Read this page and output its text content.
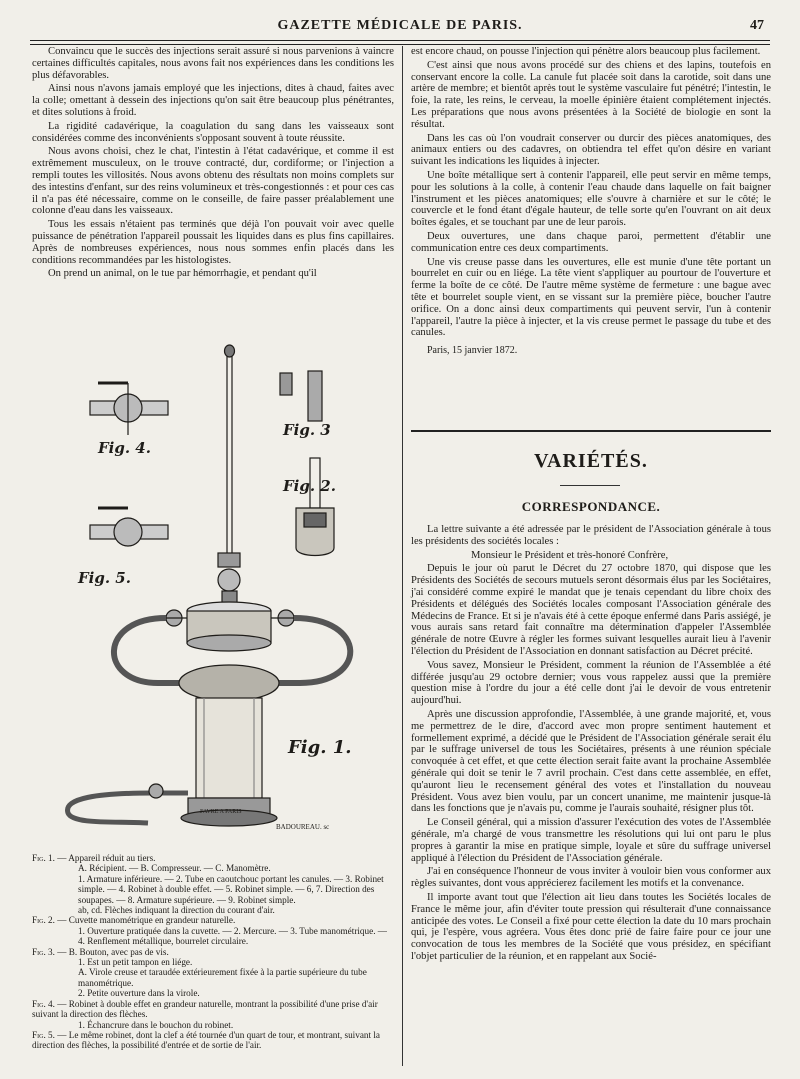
GAZETTE MÉDICALE DE PARIS.	47

Convaincu que le succès des injections serait assuré si nous parvenions à vaincre certaines difficultés capitales, nous avons fait nos expériences dans les conditions les plus défavorables.

Ainsi nous n'avons jamais employé que les injections, dites à chaud, faites avec la colle; omettant à dessein des injections qu'on sait être beaucoup plus pénétrantes, et dites solutions à froid.

La rigidité cadavérique, la coagulation du sang dans les vaisseaux sont considérées comme des inconvénients s'opposant souvent à toute réussite.

Nous avons choisi, chez le chat, l'intestin à l'état cadavérique, et comme il est extrêmement musculeux, on le trouve contracté, dur, cordiforme; or l'injection a rempli toutes les villosités. Nous avons obtenu des résultats non moins complets sur des intestins d'enfant, sur des reins volumineux et très-congestionnés : et pour ces cas il n'a pas été nécessaire, comme on le conseille, de faire passer préalablement une colonne d'eau dans les vaisseaux.

Tous les essais n'étaient pas terminés que déjà l'on pouvait voir avec quelle puissance de pénétration l'appareil poussait les liquides dans es plus fins capillaires. Après de nombreuses expériences, nous nous sommes enfin placés dans les conditions recommandées par les histologistes.

On prend un animal, on le tue par hémorrhagie, et pendant qu'il

Fig. 4.
Fig. 5.
Fig. 3
Fig. 2.
Fig. 1.
FAVRE A PARIS
BADOUREAU. sc
Fig. 1. — Appareil réduit au tiers.
A. Récipient. — B. Compresseur. — C. Manomètre.
1. Armature inférieure. — 2. Tube en caoutchouc portant les canules. — 3. Robinet simple. — 4. Robinet à double effet. — 5. Robinet simple. — 6, 7. Direction des soupapes. — 8. Armature supérieure. — 9. Robinet simple.
ab, cd. Flèches indiquant la direction du courant d'air.
Fig. 2. — Cuvette manométrique en grandeur naturelle.
1. Ouverture pratiquée dans la cuvette. — 2. Mercure. — 3. Tube manométrique. — 4. Renflement métallique, bourrelet circulaire.
Fig. 3. — B. Bouton, avec pas de vis.
1. Est un petit tampon en liége.
A. Virole creuse et taraudée extérieurement fixée à la partie supérieure du tube manométrique.
2. Petite ouverture dans la virole.
Fig. 4. — Robinet à double effet en grandeur naturelle, montrant la possibilité d'une prise d'air suivant la direction des flèches.
1. Échancrure dans le bouchon du robinet.
Fig. 5. — Le même robinet, dont la clef a été tournée d'un quart de tour, et montrant, suivant la direction des flèches, la possibilité d'entrée et de sortie de l'air.

est encore chaud, on pousse l'injection qui pénètre alors beaucoup plus facilement.

C'est ainsi que nous avons procédé sur des chiens et des lapins, toutefois en conservant encore la colle. La canule fut placée soit dans la carotide, soit dans une artère de membre; et bientôt après tout le système vasculaire fut pénétré; l'intestin, le foie, la rate, les reins, le cerveau, la moelle épinière étaient complétement injectés. Les préparations que nous avons présentées à la Société de biologie en sont la résultat.

Dans les cas où l'on voudrait conserver ou durcir des pièces anatomiques, des animaux entiers ou des cadavres, on obtiendra tel effet qu'on désire en variant suivant les indications les liquides à injecter.

Une boîte métallique sert à contenir l'appareil, elle peut servir en même temps, pour les solutions à la colle, à contenir l'eau chaude dans laquelle on fait baigner l'instrument et les pièces anatomiques; elle s'ouvre à charnière et sur le côté; le couvercle et le fond étant d'égale hauteur, de telle sorte qu'en l'ouvrant on ait deux boîtes égales, et se touchant par une de leur parois.

Deux ouvertures, une dans chaque paroi, permettent d'établir une communication entre ces deux compartiments.

Une vis creuse passe dans les ouvertures, elle est munie d'une tête portant un bourrelet en cuir ou en liége. La tête vient s'appliquer au pourtour de l'ouverture et ferme la boîte de ce côté. De l'autre même système de fermeture : une bague avec tête et bourrelet souple vient, en se vissant sur la première pièce, boucher l'autre orifice. On a donc ainsi deux compartiments qui peuvent servir, l'un à contenir l'appareil, l'autre la pièce à injecter, et la vis creuse permet le passage du tube et des canules.

Paris, 15 janvier 1872.

VARIÉTÉS.
CORRESPONDANCE.

La lettre suivante a été adressée par le président de l'Association générale à tous les présidents des sociétés locales :

Monsieur le Président et très-honoré Confrère,

Depuis le jour où parut le Décret du 27 octobre 1870, qui dispose que les Présidents des Sociétés de secours mutuels seront désormais élus par les Sociétaires, j'ai considéré comme expiré le mandat que je tenais cependant du libre choix des Présidents et délégués des Sociétés locales composant l'Association générale des Médecins de France. Et si je n'avais été à cette époque enfermé dans Paris assiégé, je vous aurais sans retard fait connaître ma détermination d'appeler l'Assemblée générale de notre Œuvre à régler les formes suivant lesquelles aurait lieu à l'avenir l'élection du Président de l'Association en donnant satisfaction au Décret précité.

Vous savez, Monsieur le Président, comment la réunion de l'Assemblée a été différée jusqu'au 29 octobre dernier; vous vous rappelez aussi que la première question mise à l'ordre du jour a été celle dont j'ai le devoir de vous entretenir aujourd'hui.

Après une discussion approfondie, l'Assemblée, à une grande majorité, et, vous me permettrez de le dire, d'accord avec mon propre sentiment hautement et formellement exprimé, a décidé que le Président de l'Association générale serait élu par le suffrage universel de tous les Sociétaires, présents à une réunion spéciale convoquée à cet effet, et que cette élection serait faite avant la prochaine Assemblée générale qui doit se tenir le 7 avril prochain. C'est dans cette assemblée, en effet, qu'auront lieu le recensement général des votes et l'installation du nouveau Président. Vous avez bien voulu, par un concert unanime, me maintenir jusque-là dans les fonctions que je n'avais pu, comme je l'aurais souhaité, résigner plus tôt.

Le Conseil général, qui a mission d'assurer l'exécution des votes de l'Assemblée générale, m'a chargé de vous transmettre les résolutions qui lui ont paru le plus propres à garantir la mise en pratique simple, loyale et sûre du suffrage universel appliqué à l'élection du Président de l'Association générale.

J'ai en conséquence l'honneur de vous inviter à vouloir bien vous conformer aux règles suivantes, dont vous apprécierez facilement les motifs et la convenance.

Il importe avant tout que l'élection ait lieu dans toutes les Sociétés locales de France le même jour, afin d'éviter toute pression qui résulterait d'une connaissance anticipée des votes. Le Conseil a fixé pour cette élection la date du 10 mars prochain qui, je l'espère, vous agréera. Vous êtes donc prié de faire faire pour ce jour une convocation de tous les membres de la Société que vous présidez, en spécifiant l'objet particulier de la réunion, et en rappelant aux Socié-
